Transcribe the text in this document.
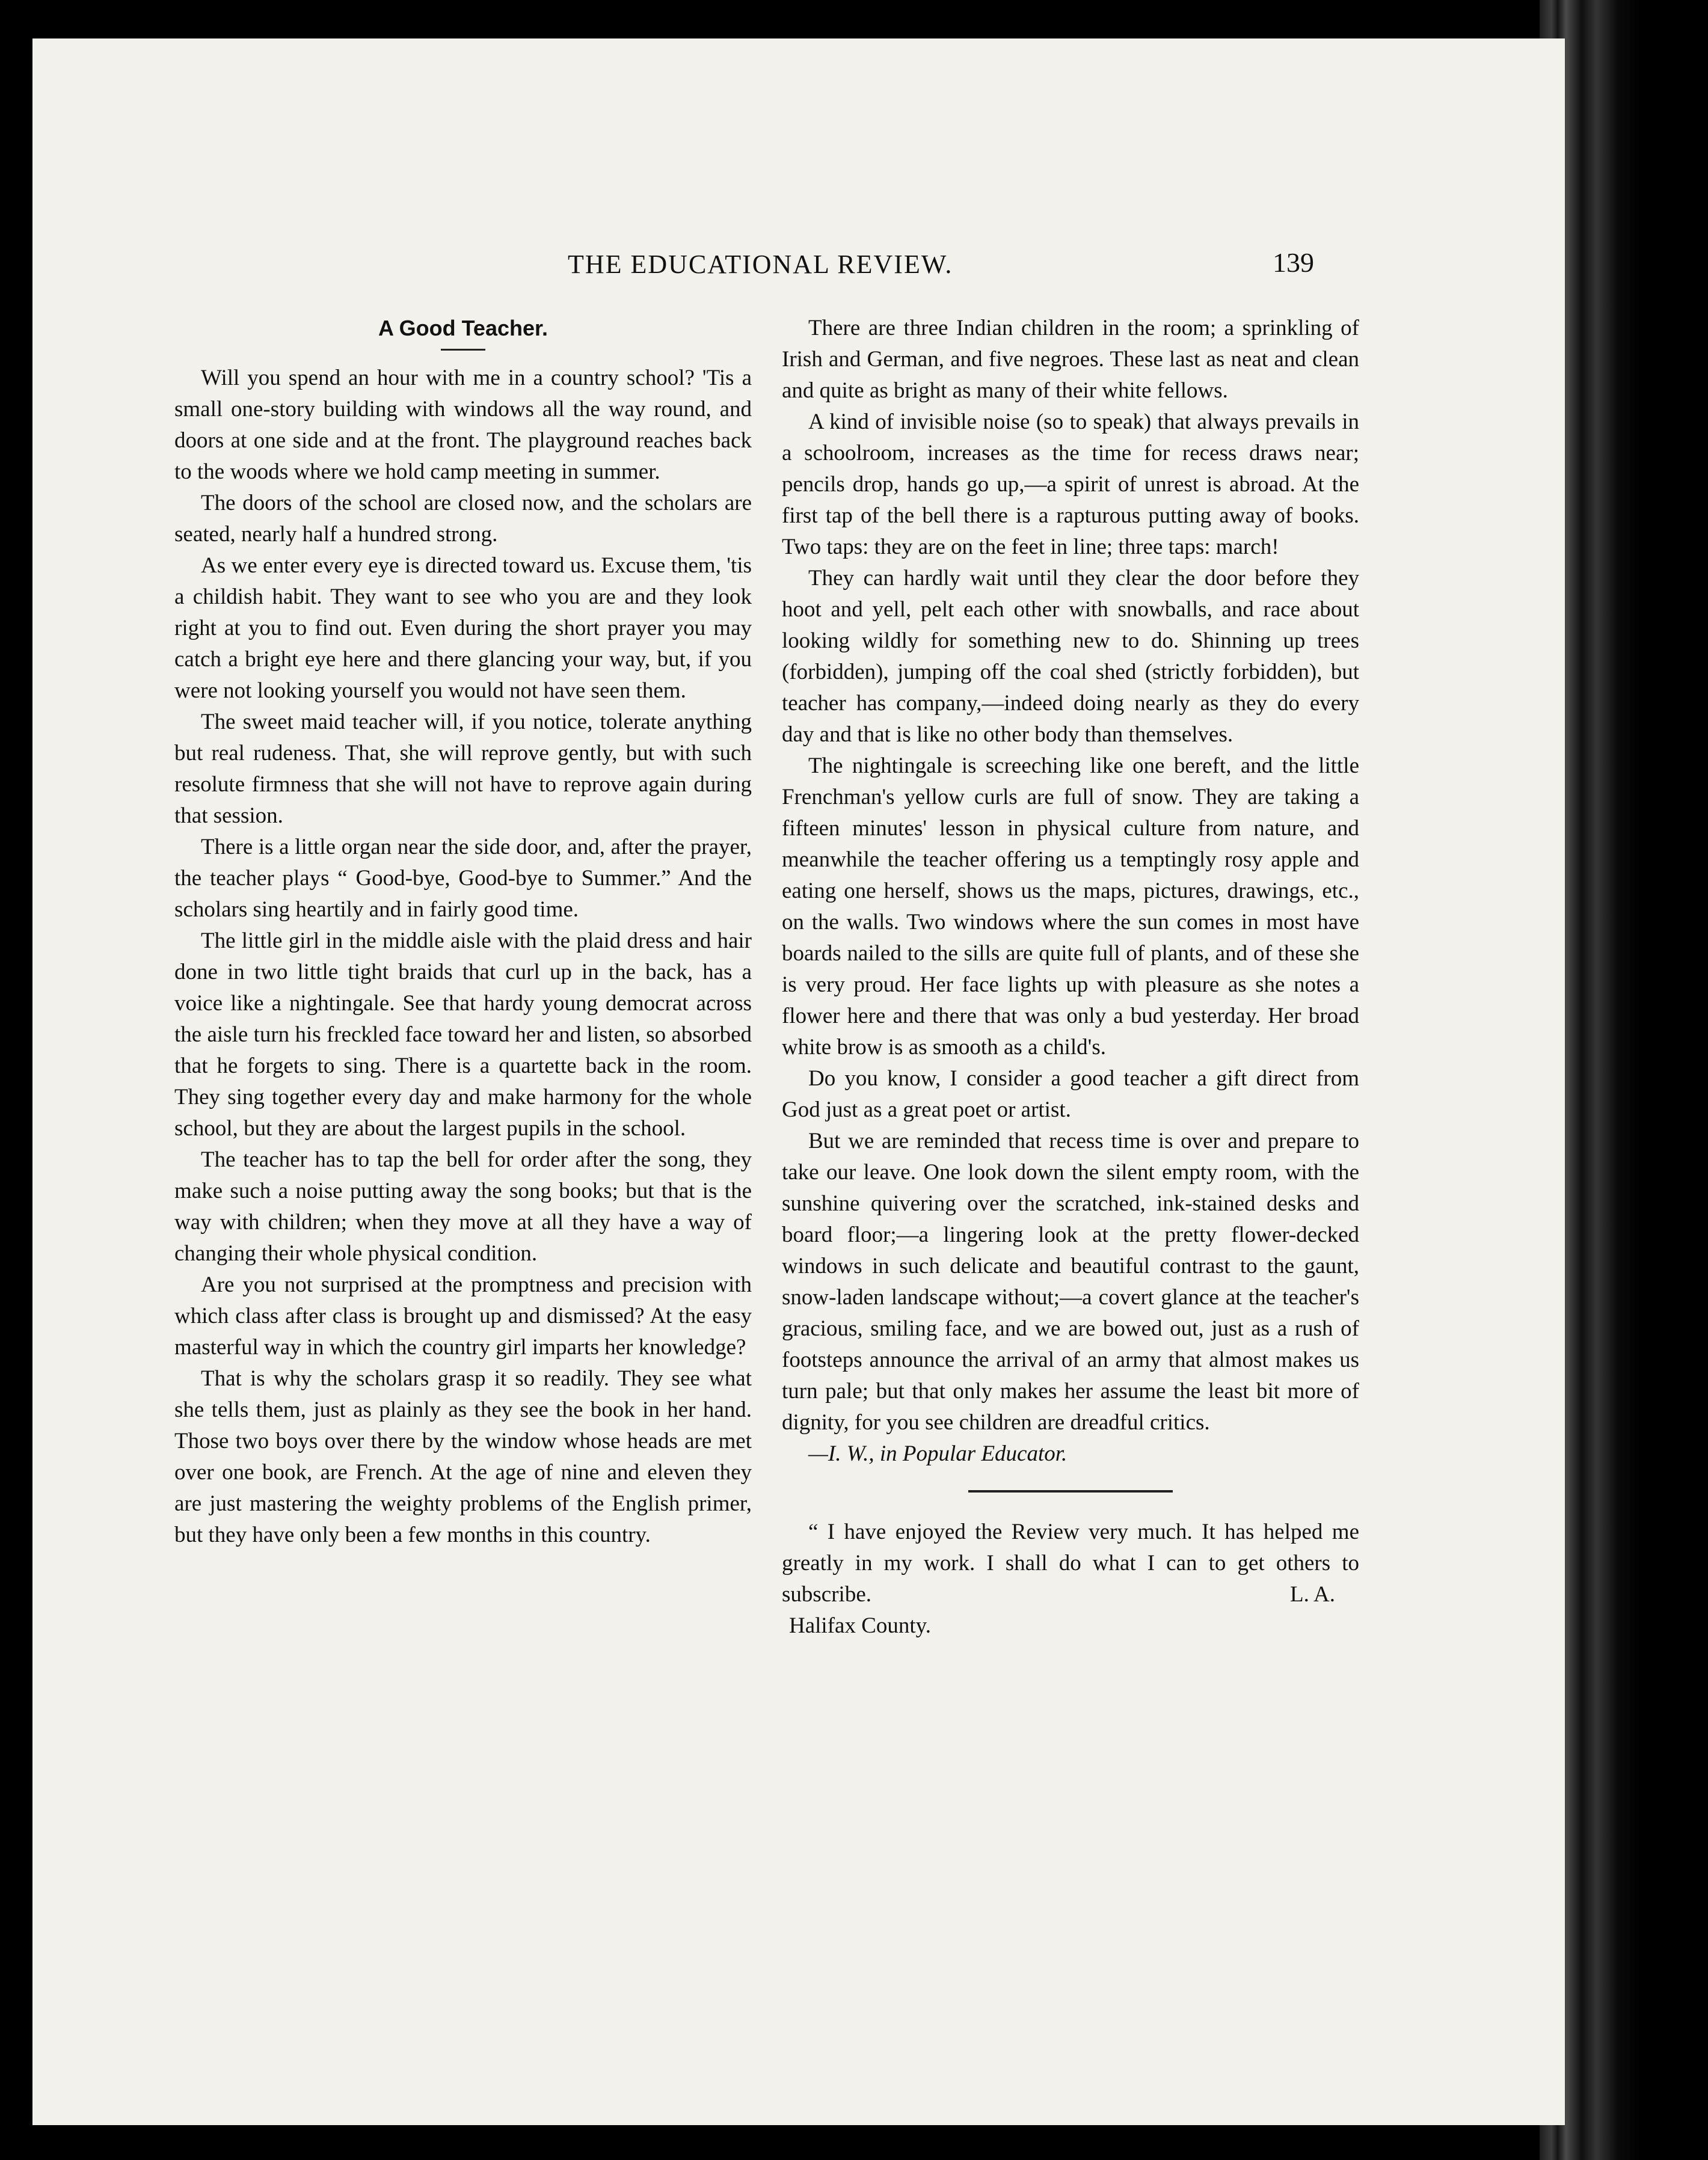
THE EDUCATIONAL REVIEW.	139
A Good Teacher.

Will you spend an hour with me in a country school? 'Tis a small one-story building with windows all the way round, and doors at one side and at the front. The playground reaches back to the woods where we hold camp meeting in summer.

The doors of the school are closed now, and the scholars are seated, nearly half a hundred strong.

As we enter every eye is directed toward us. Excuse them, 'tis a childish habit. They want to see who you are and they look right at you to find out. Even during the short prayer you may catch a bright eye here and there glancing your way, but, if you were not looking yourself you would not have seen them.

The sweet maid teacher will, if you notice, tolerate anything but real rudeness. That, she will reprove gently, but with such resolute firmness that she will not have to reprove again during that session.

There is a little organ near the side door, and, after the prayer, the teacher plays “ Good-bye, Good-bye to Summer.” And the scholars sing heartily and in fairly good time.

The little girl in the middle aisle with the plaid dress and hair done in two little tight braids that curl up in the back, has a voice like a nightingale. See that hardy young democrat across the aisle turn his freckled face toward her and listen, so absorbed that he forgets to sing. There is a quartette back in the room. They sing together every day and make harmony for the whole school, but they are about the largest pupils in the school.

The teacher has to tap the bell for order after the song, they make such a noise putting away the song books; but that is the way with children; when they move at all they have a way of changing their whole physical condition.

Are you not surprised at the promptness and precision with which class after class is brought up and dismissed? At the easy masterful way in which the country girl imparts her knowledge?

That is why the scholars grasp it so readily. They see what she tells them, just as plainly as they see the book in her hand. Those two boys over there by the window whose heads are met over one book, are French. At the age of nine and eleven they are just mastering the weighty problems of the English primer, but they have only been a few months in this country.

There are three Indian children in the room; a sprinkling of Irish and German, and five negroes. These last as neat and clean and quite as bright as many of their white fellows.

A kind of invisible noise (so to speak) that always prevails in a schoolroom, increases as the time for recess draws near; pencils drop, hands go up,—a spirit of unrest is abroad. At the first tap of the bell there is a rapturous putting away of books. Two taps: they are on the feet in line; three taps: march!

They can hardly wait until they clear the door before they hoot and yell, pelt each other with snowballs, and race about looking wildly for something new to do. Shinning up trees (forbidden), jumping off the coal shed (strictly forbidden), but teacher has company,—indeed doing nearly as they do every day and that is like no other body than themselves.

The nightingale is screeching like one bereft, and the little Frenchman's yellow curls are full of snow. They are taking a fifteen minutes' lesson in physical culture from nature, and meanwhile the teacher offering us a temptingly rosy apple and eating one herself, shows us the maps, pictures, drawings, etc., on the walls. Two windows where the sun comes in most have boards nailed to the sills are quite full of plants, and of these she is very proud. Her face lights up with pleasure as she notes a flower here and there that was only a bud yesterday. Her broad white brow is as smooth as a child's.

Do you know, I consider a good teacher a gift direct from God just as a great poet or artist.

But we are reminded that recess time is over and prepare to take our leave. One look down the silent empty room, with the sunshine quivering over the scratched, ink-stained desks and board floor;—a lingering look at the pretty flower-decked windows in such delicate and beautiful contrast to the gaunt, snow-laden landscape without;—a covert glance at the teacher's gracious, smiling face, and we are bowed out, just as a rush of footsteps announce the arrival of an army that almost makes us turn pale; but that only makes her assume the least bit more of dignity, for you see children are dreadful critics.

—I. W., in Popular Educator.

“ I have enjoyed the Review very much. It has helped me greatly in my work. I shall do what I can to get others to subscribe.	L. A.

Halifax County.
